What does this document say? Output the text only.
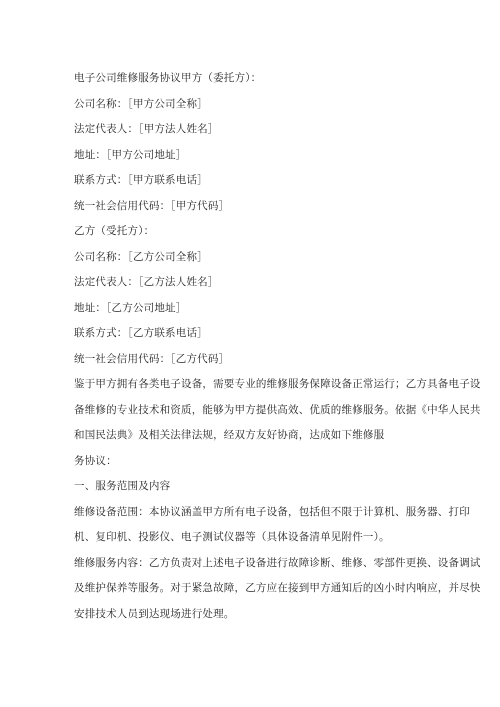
电子公司维修服务协议甲方（委托方）：
公司名称：［甲方公司全称］
法定代表人：［甲方法人姓名］
地址：［甲方公司地址］
联系方式：［甲方联系电话］
统一社会信用代码：［甲方代码］
乙方（受托方）：
公司名称：［乙方公司全称］
法定代表人：［乙方法人姓名］
地址：［乙方公司地址］
联系方式：［乙方联系电话］
统一社会信用代码：［乙方代码］
鉴于甲方拥有各类电子设备，需要专业的维修服务保障设备正常运行；乙方具备电子设
备维修的专业技术和资质，能够为甲方提供高效、优质的维修服务。依据《中华人民共
和国民法典》及相关法律法规，经双方友好协商，达成如下维修服
务协议：
一、服务范围及内容
维修设备范围：本协议涵盖甲方所有电子设备，包括但不限于计算机、服务器、打印
机、复印机、投影仪、电子测试仪器等（具体设备清单见附件一）。
维修服务内容：乙方负责对上述电子设备进行故障诊断、维修、零部件更换、设备调试
及维护保养等服务。对于紧急故障，乙方应在接到甲方通知后的凶小时内响应，并尽快
安排技术人员到达现场进行处理。
